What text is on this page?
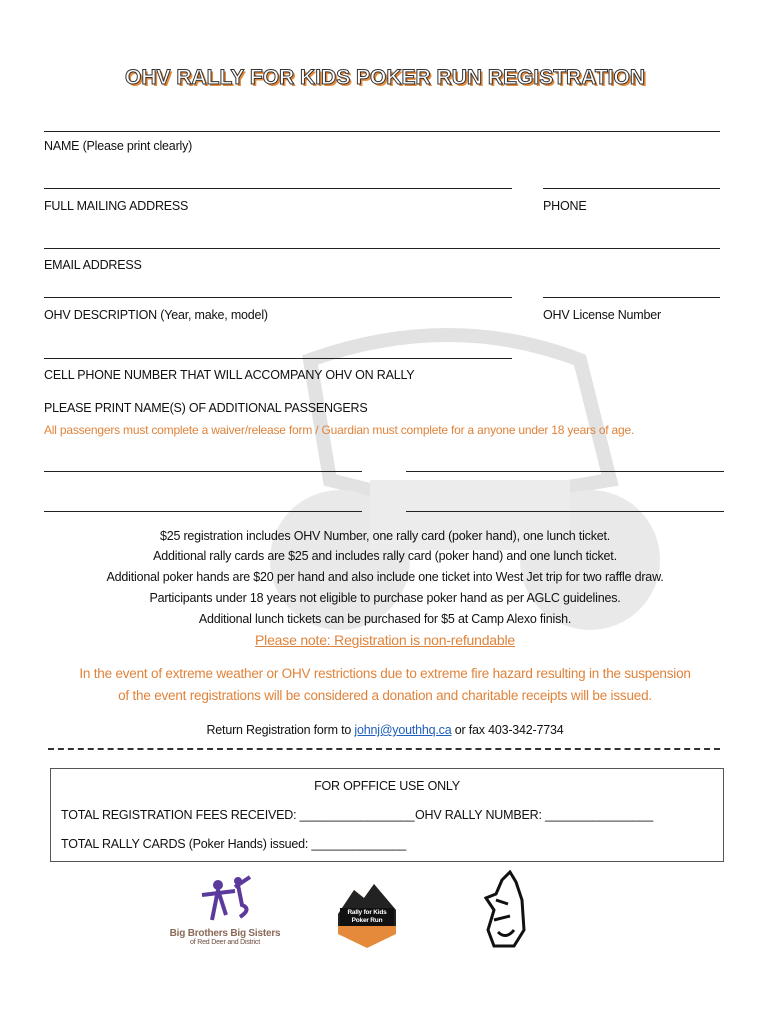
OHV RALLY FOR KIDS POKER RUN REGISTRATION
NAME (Please print clearly)
FULL MAILING ADDRESS	PHONE
EMAIL ADDRESS
OHV DESCRIPTION (Year, make, model)	OHV License Number
CELL PHONE NUMBER THAT WILL ACCOMPANY OHV ON RALLY
PLEASE PRINT NAME(S) OF ADDITIONAL PASSENGERS
All passengers must complete a waiver/release form / Guardian must complete for a anyone under 18 years of age.
$25 registration includes OHV Number, one rally card (poker hand), one lunch ticket.
Additional rally cards are $25 and includes rally card (poker hand) and one lunch ticket.
Additional poker hands are $20 per hand and also include one ticket into West Jet trip for two raffle draw.
Participants under 18 years not eligible to purchase poker hand as per AGLC guidelines.
Additional lunch tickets can be purchased for $5 at Camp Alexo finish.
Please note: Registration is non-refundable
In the event of extreme weather or OHV restrictions due to extreme fire hazard resulting in the suspension
of the event registrations will be considered a donation and charitable receipts will be issued.
Return Registration form to johnj@youthhq.ca or fax 403-342-7734
FOR OPFFICE USE ONLY
TOTAL REGISTRATION FEES RECEIVED: _________________ OHV RALLY NUMBER: ________________
TOTAL RALLY CARDS (Poker Hands) issued: ______________
Big Brothers Big Sisters
of Red Deer and District
Rally for Kids
Poker Run
